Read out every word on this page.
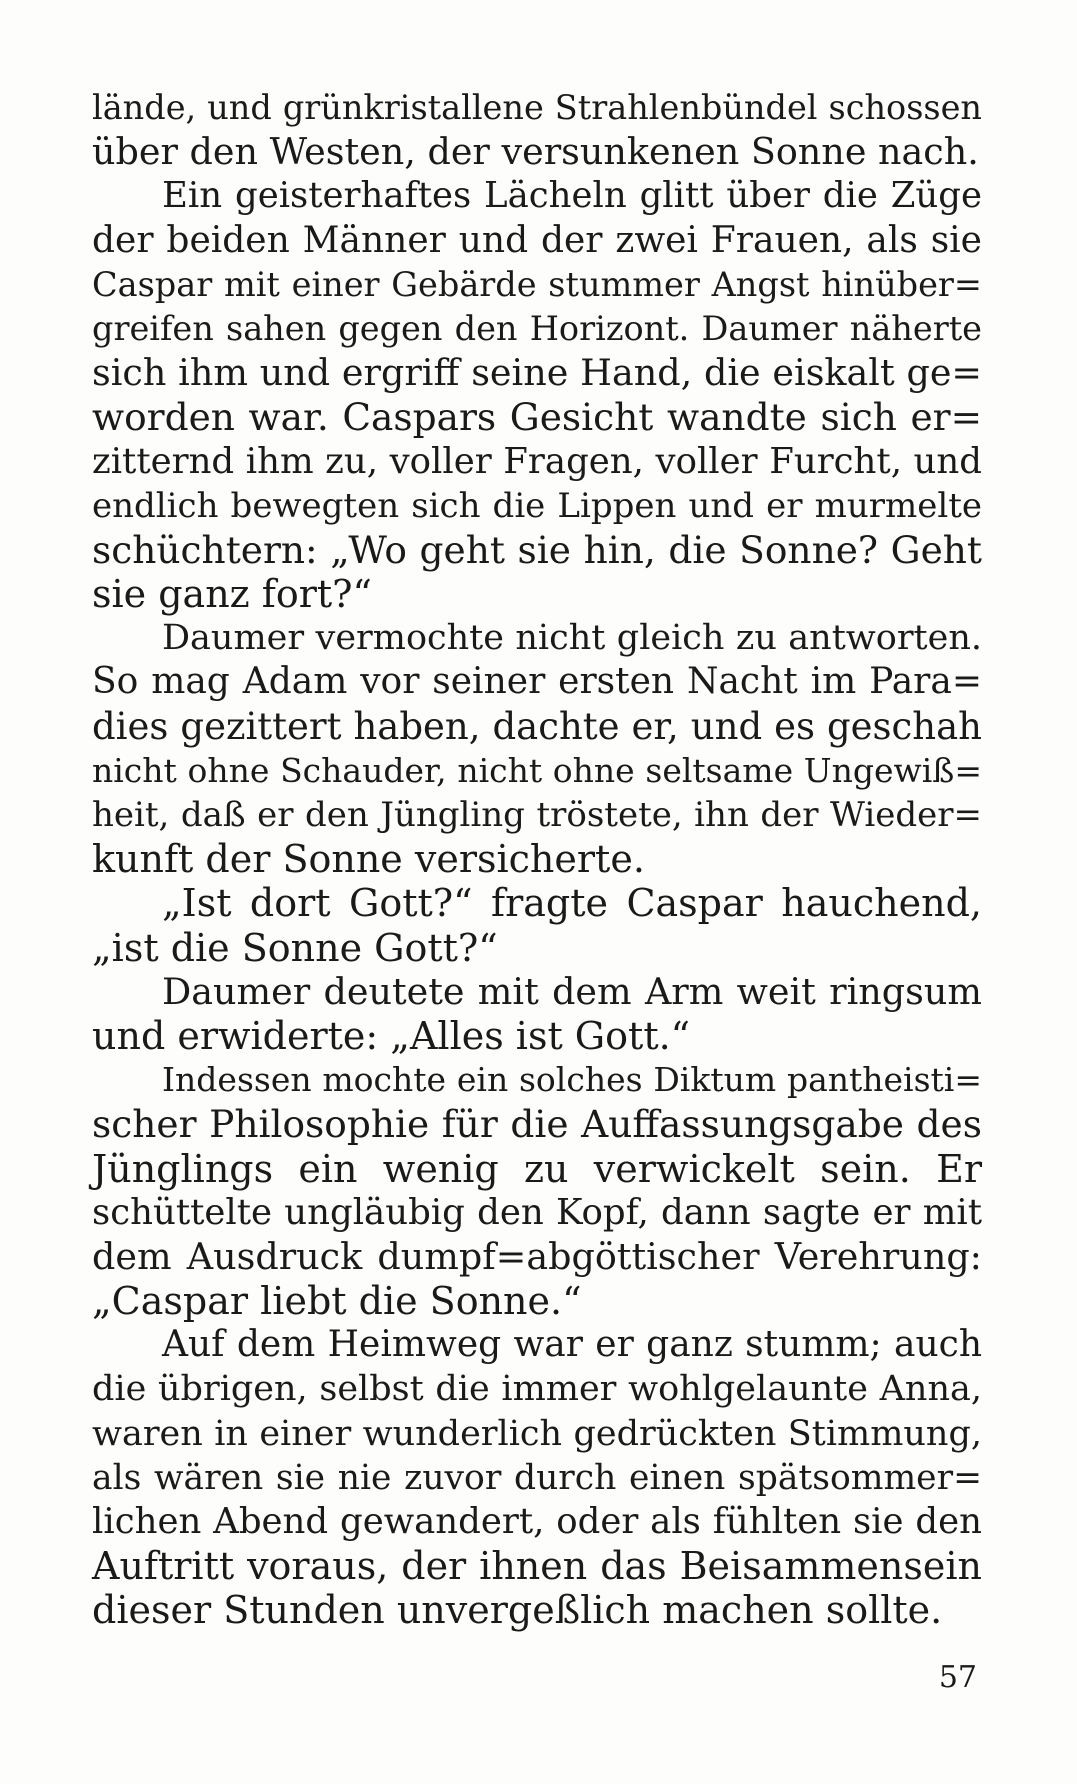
lände, und grünkristallene Strahlenbündel schossen
über den Westen, der versunkenen Sonne nach.
Ein geisterhaftes Lächeln glitt über die Züge
der beiden Männer und der zwei Frauen, als sie
Caspar mit einer Gebärde stummer Angst hinüber=
greifen sahen gegen den Horizont. Daumer näherte
sich ihm und ergriff seine Hand, die eiskalt ge=
worden war. Caspars Gesicht wandte sich er=
zitternd ihm zu, voller Fragen, voller Furcht, und
endlich bewegten sich die Lippen und er murmelte
schüchtern: „Wo geht sie hin, die Sonne? Geht
sie ganz fort?“
Daumer vermochte nicht gleich zu antworten.
So mag Adam vor seiner ersten Nacht im Para=
dies gezittert haben, dachte er, und es geschah
nicht ohne Schauder, nicht ohne seltsame Ungewiß=
heit, daß er den Jüngling tröstete, ihn der Wieder=
kunft der Sonne versicherte.
„Ist dort Gott?“ fragte Caspar hauchend,
„ist die Sonne Gott?“
Daumer deutete mit dem Arm weit ringsum
und erwiderte: „Alles ist Gott.“
Indessen mochte ein solches Diktum pantheisti=
scher Philosophie für die Auffassungsgabe des
Jünglings ein wenig zu verwickelt sein. Er
schüttelte ungläubig den Kopf, dann sagte er mit
dem Ausdruck dumpf=abgöttischer Verehrung:
„Caspar liebt die Sonne.“
Auf dem Heimweg war er ganz stumm; auch
die übrigen, selbst die immer wohlgelaunte Anna,
waren in einer wunderlich gedrückten Stimmung,
als wären sie nie zuvor durch einen spätsommer=
lichen Abend gewandert, oder als fühlten sie den
Auftritt voraus, der ihnen das Beisammensein
dieser Stunden unvergeßlich machen sollte.
57
